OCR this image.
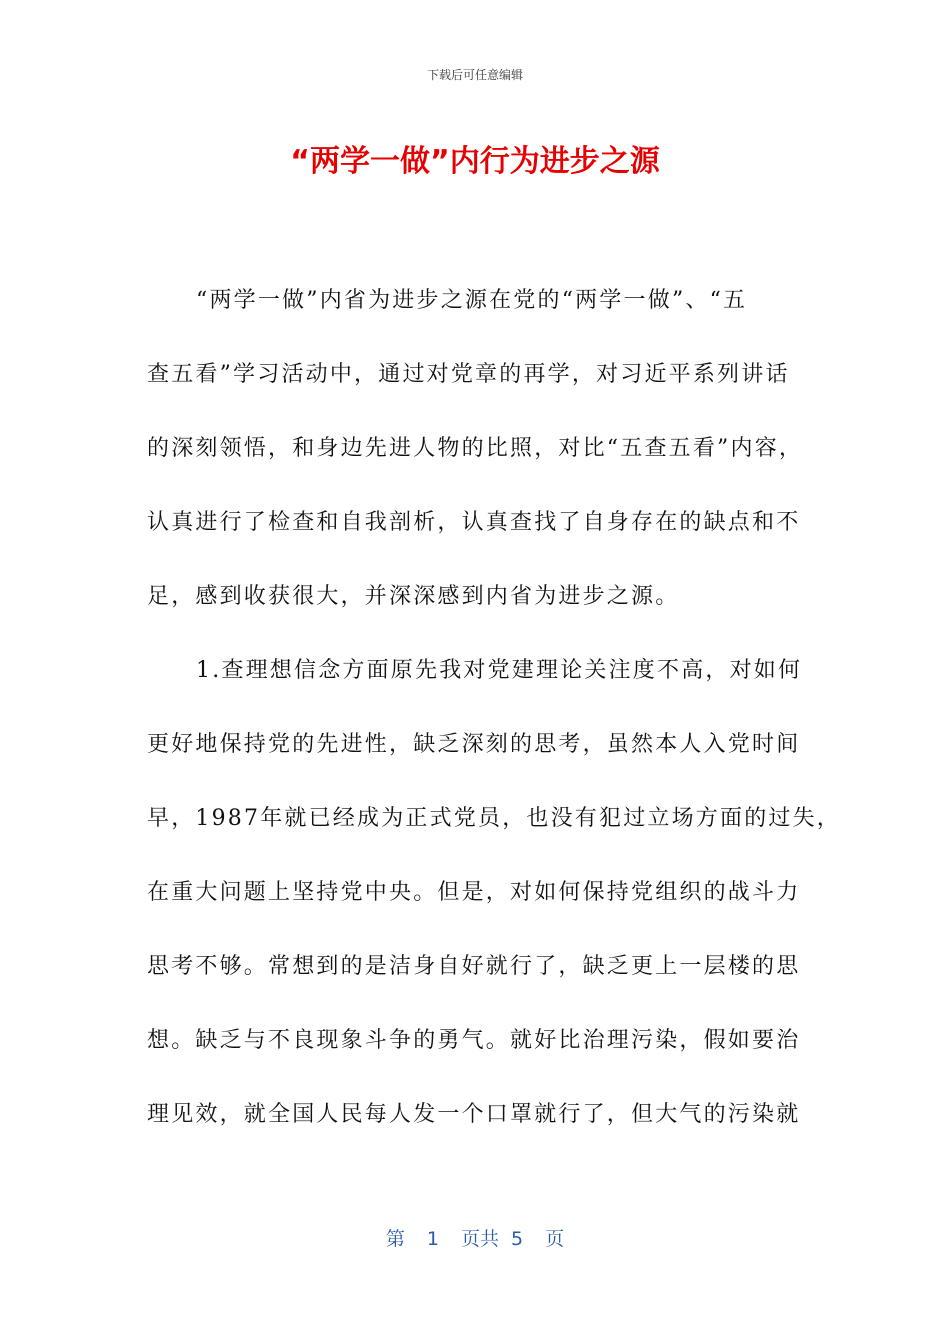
下载后可任意编辑
“两学一做”内行为进步之源
“两学一做”内省为进步之源在党的“两学一做”、“五
查五看”学习活动中，通过对党章的再学，对习近平系列讲话
的深刻领悟，和身边先进人物的比照，对比“五查五看”内容，
认真进行了检查和自我剖析，认真查找了自身存在的缺点和不
足，感到收获很大，并深深感到内省为进步之源。
1.查理想信念方面原先我对党建理论关注度不高，对如何
更好地保持党的先进性，缺乏深刻的思考，虽然本人入党时间
早，1987年就已经成为正式党员，也没有犯过立场方面的过失，
在重大问题上坚持党中央。但是，对如何保持党组织的战斗力
思考不够。常想到的是洁身自好就行了，缺乏更上一层楼的思
想。缺乏与不良现象斗争的勇气。就好比治理污染，假如要治
理见效，就全国人民每人发一个口罩就行了，但大气的污染就
第 1 页共 5 页
